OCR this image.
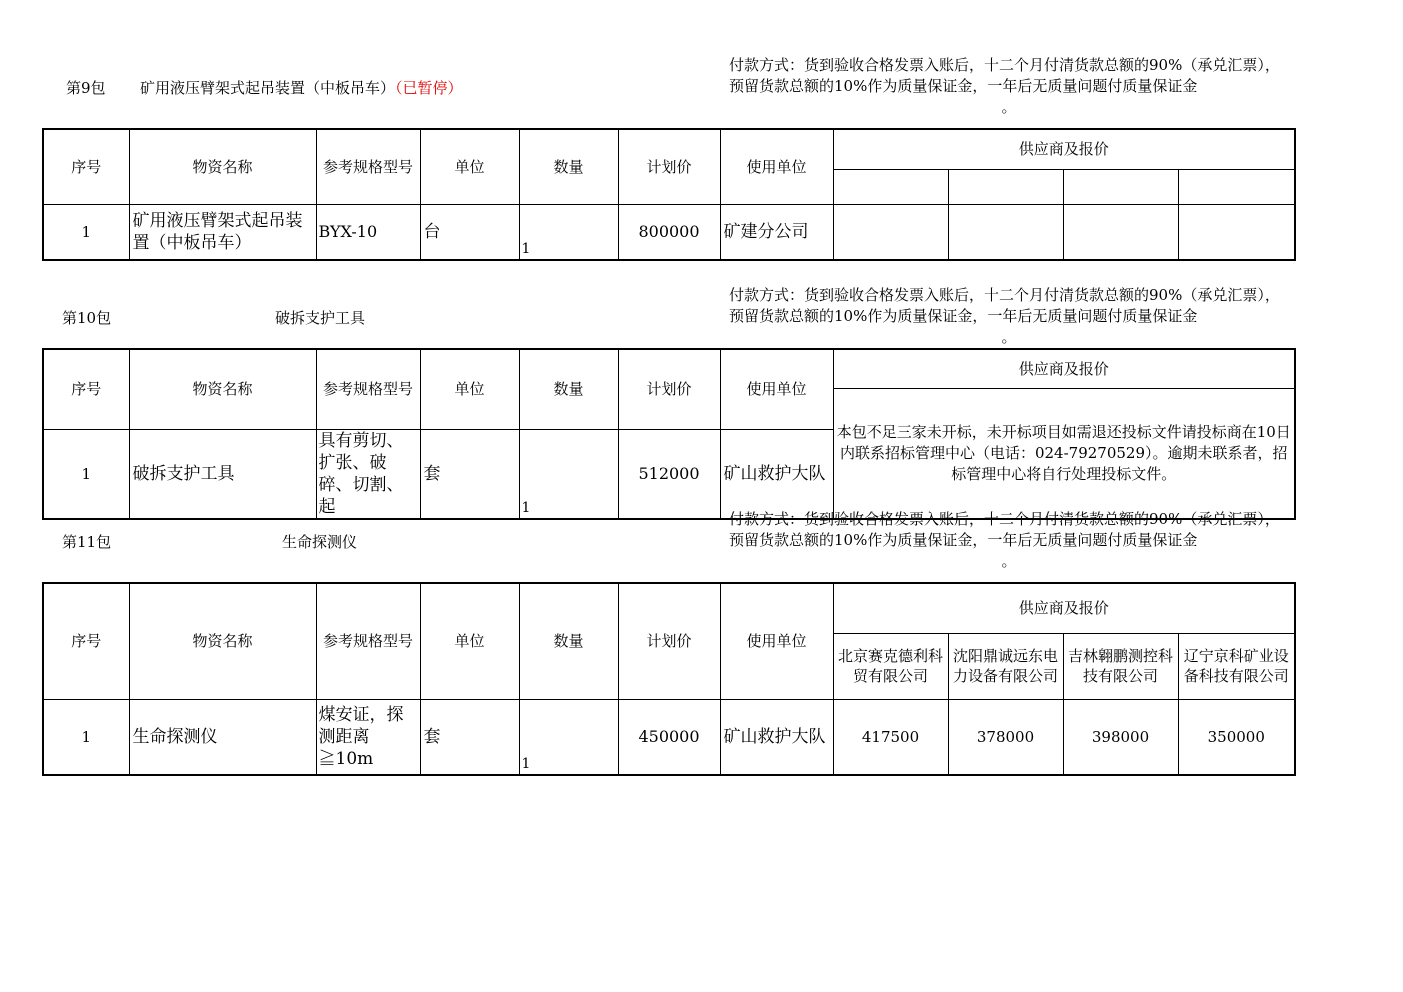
第9包 矿用液压臂架式起吊装置（中板吊车）（已暂停）
付款方式：货到验收合格发票入账后，十二个月付清货款总额的90%（承兑汇票），预留货款总额的10%作为质量保证金，一年后无质量问题付质量保证金
。
序号	物资名称	参考规格型号	单位	数量	计划价	使用单位	供应商及报价			

1	矿用液压臂架式起吊装置（中板吊车）	BYX-10	台	1	800000	矿建分公司				
第10包	破拆支护工具
付款方式：货到验收合格发票入账后，十二个月付清货款总额的90%（承兑汇票），预留货款总额的10%作为质量保证金，一年后无质量问题付质量保证金
。
序号	物资名称	参考规格型号	单位	数量	计划价	使用单位	供应商及报价
							本包不足三家未开标，未开标项目如需退还投标文件请投标商在10日内联系招标管理中心（电话：024-79270529）。逾期未联系者，招标管理中心将自行处理投标文件。
1	破拆支护工具	具有剪切、扩张、破碎、切割、起	套	1	512000	矿山救护大队	
第11包	生命探测仪
付款方式：货到验收合格发票入账后，十二个月付清货款总额的90%（承兑汇票），预留货款总额的10%作为质量保证金，一年后无质量问题付质量保证金
。
序号	物资名称	参考规格型号	单位	数量	计划价	使用单位	供应商及报价			
							北京赛克德利科贸有限公司	沈阳鼎诚远东电力设备有限公司	吉林翱鹏测控科技有限公司	辽宁京科矿业设备科技有限公司
1	生命探测仪	煤安证，探测距离≧10m	套	1	450000	矿山救护大队	417500	378000	398000	350000
